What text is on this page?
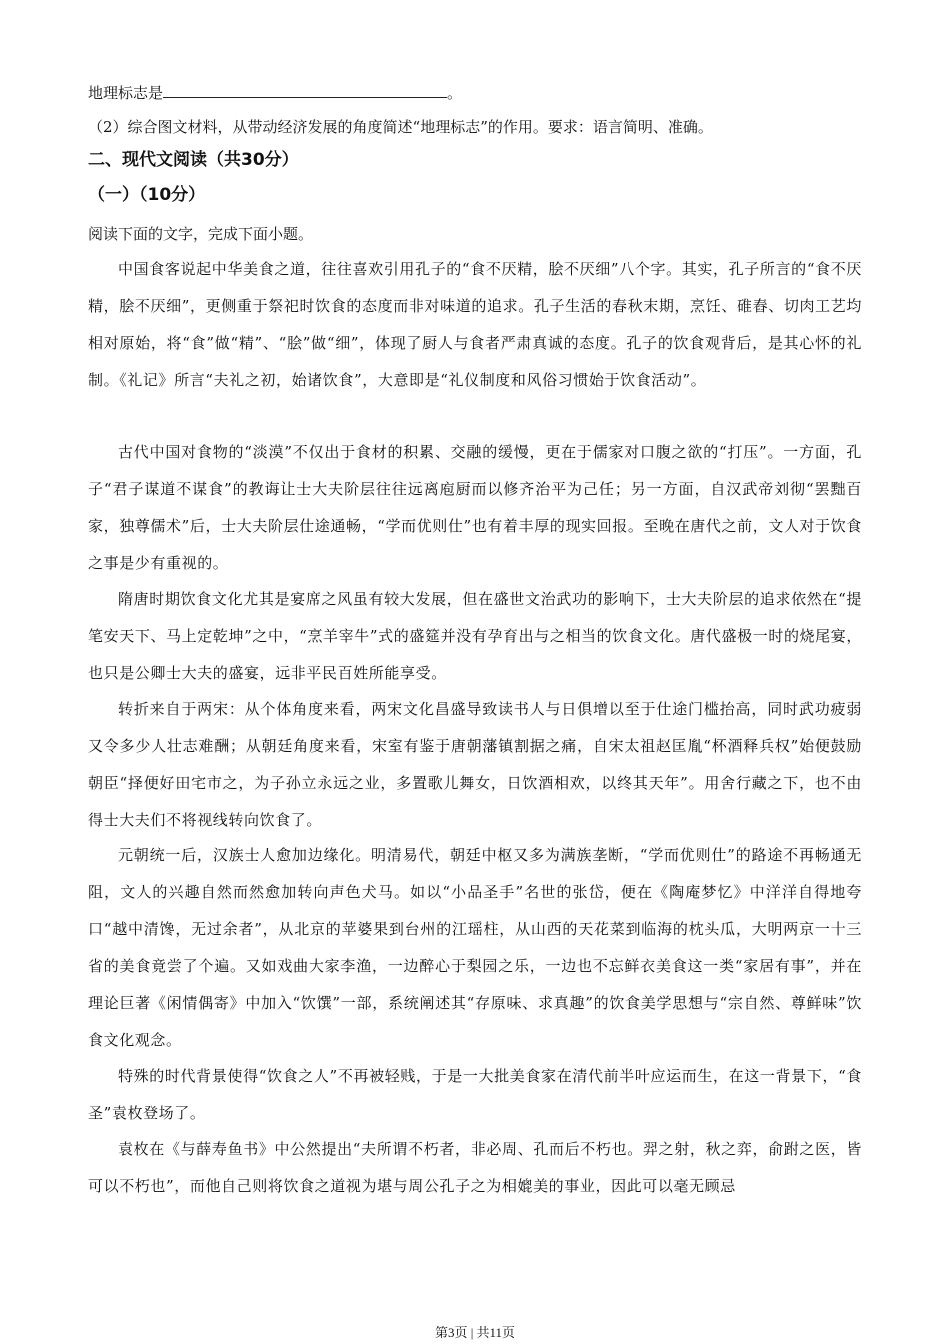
地理标志是	。
（2）综合图文材料，从带动经济发展的角度简述“地理标志”的作用。要求：语言简明、准确。
二、现代文阅读（共30分）
（一）（10分）
阅读下面的文字，完成下面小题。
中国食客说起中华美食之道，往往喜欢引用孔子的“食不厌精，脍不厌细”八个字。其实，孔子所言的“食不厌精，脍不厌细”，更侧重于祭祀时饮食的态度而非对味道的追求。孔子生活的春秋末期，烹饪、碓舂、切肉工艺均相对原始，将“食”做“精”、“脍”做“细”，体现了厨人与食者严肃真诚的态度。孔子的饮食观背后，是其心怀的礼制。《礼记》所言“夫礼之初，始诸饮食”，大意即是“礼仪制度和风俗习惯始于饮食活动”。
古代中国对食物的“淡漠”不仅出于食材的积累、交融的缓慢，更在于儒家对口腹之欲的“打压”。一方面，孔子“君子谋道不谋食”的教诲让士大夫阶层往往远离庖厨而以修齐治平为己任；另一方面，自汉武帝刘彻“罢黜百家，独尊儒术”后，士大夫阶层仕途通畅，“学而优则仕”也有着丰厚的现实回报。至晚在唐代之前，文人对于饮食之事是少有重视的。
隋唐时期饮食文化尤其是宴席之风虽有较大发展，但在盛世文治武功的影响下，士大夫阶层的追求依然在“提笔安天下、马上定乾坤”之中，“烹羊宰牛”式的盛筵并没有孕育出与之相当的饮食文化。唐代盛极一时的烧尾宴，也只是公卿士大夫的盛宴，远非平民百姓所能享受。
转折来自于两宋：从个体角度来看，两宋文化昌盛导致读书人与日俱增以至于仕途门槛抬高，同时武功疲弱又令多少人壮志难酬；从朝廷角度来看，宋室有鉴于唐朝藩镇割据之痛，自宋太祖赵匡胤“杯酒释兵权”始便鼓励朝臣“择便好田宅市之，为子孙立永远之业，多置歌儿舞女，日饮酒相欢，以终其天年”。用舍行藏之下，也不由得士大夫们不将视线转向饮食了。
元朝统一后，汉族士人愈加边缘化。明清易代，朝廷中枢又多为满族垄断，“学而优则仕”的路途不再畅通无阻，文人的兴趣自然而然愈加转向声色犬马。如以“小品圣手”名世的张岱，便在《陶庵梦忆》中洋洋自得地夸口“越中清馋，无过余者”，从北京的苹婆果到台州的江瑶柱，从山西的天花菜到临海的枕头瓜，大明两京一十三省的美食竟尝了个遍。又如戏曲大家李渔，一边醉心于梨园之乐，一边也不忘鲜衣美食这一类“家居有事”，并在理论巨著《闲情偶寄》中加入“饮馔”一部，系统阐述其“存原味、求真趣”的饮食美学思想与“宗自然、尊鲜味”饮食文化观念。
特殊的时代背景使得“饮食之人”不再被轻贱，于是一大批美食家在清代前半叶应运而生，在这一背景下，“食圣”袁枚登场了。
袁枚在《与薛寿鱼书》中公然提出“夫所谓不朽者，非必周、孔而后不朽也。羿之射，秋之弈，俞跗之医，皆可以不朽也”，而他自己则将饮食之道视为堪与周公孔子之为相媲美的事业，因此可以毫无顾忌
第3页 | 共11页
